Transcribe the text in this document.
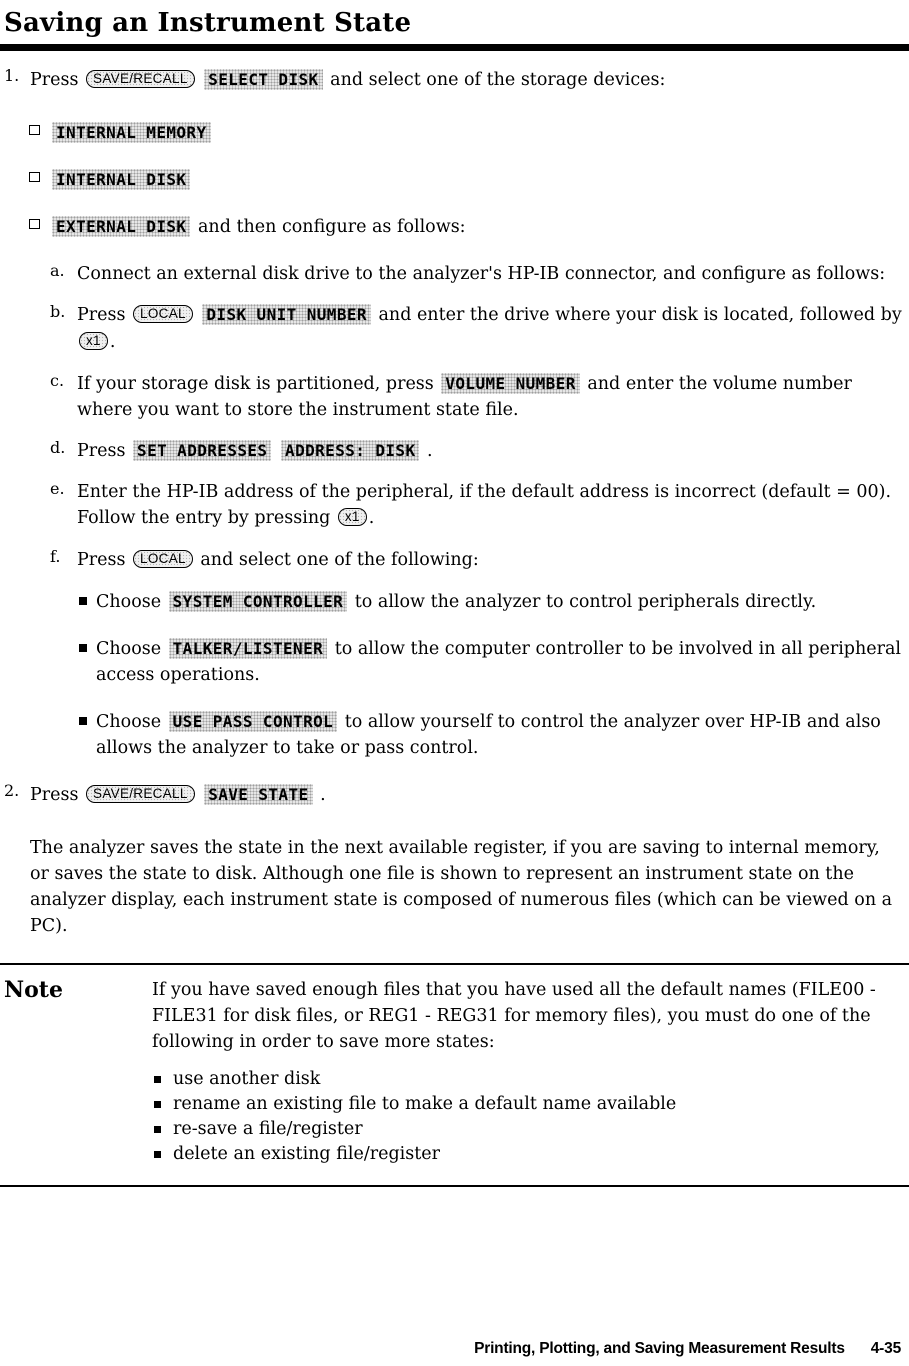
Saving an Instrument State
1. Press SAVE/RECALL SELECT DISK and select one of the storage devices:
INTERNAL MEMORY
INTERNAL DISK
EXTERNAL DISK and then configure as follows:
a. Connect an external disk drive to the analyzer's HP-IB connector, and configure as follows:
b. Press LOCAL DISK UNIT NUMBER and enter the drive where your disk is located, followed by x1 .
c. If your storage disk is partitioned, press VOLUME NUMBER and enter the volume number where you want to store the instrument state file.
d. Press SET ADDRESSES ADDRESS: DISK .
e. Enter the HP-IB address of the peripheral, if the default address is incorrect (default = 00). Follow the entry by pressing x1 .
f. Press LOCAL and select one of the following:
Choose SYSTEM CONTROLLER to allow the analyzer to control peripherals directly.
Choose TALKER/LISTENER to allow the computer controller to be involved in all peripheral access operations.
Choose USE PASS CONTROL to allow yourself to control the analyzer over HP-IB and also allows the analyzer to take or pass control.
2. Press SAVE/RECALL SAVE STATE .
The analyzer saves the state in the next available register, if you are saving to internal memory, or saves the state to disk. Although one file is shown to represent an instrument state on the analyzer display, each instrument state is composed of numerous files (which can be viewed on a PC).
Note	If you have saved enough files that you have used all the default names (FILE00 - FILE31 for disk files, or REG1 - REG31 for memory files), you must do one of the following in order to save more states:
use another disk
rename an existing file to make a default name available
re-save a file/register
delete an existing file/register
Printing, Plotting, and Saving Measurement Results 4-35
